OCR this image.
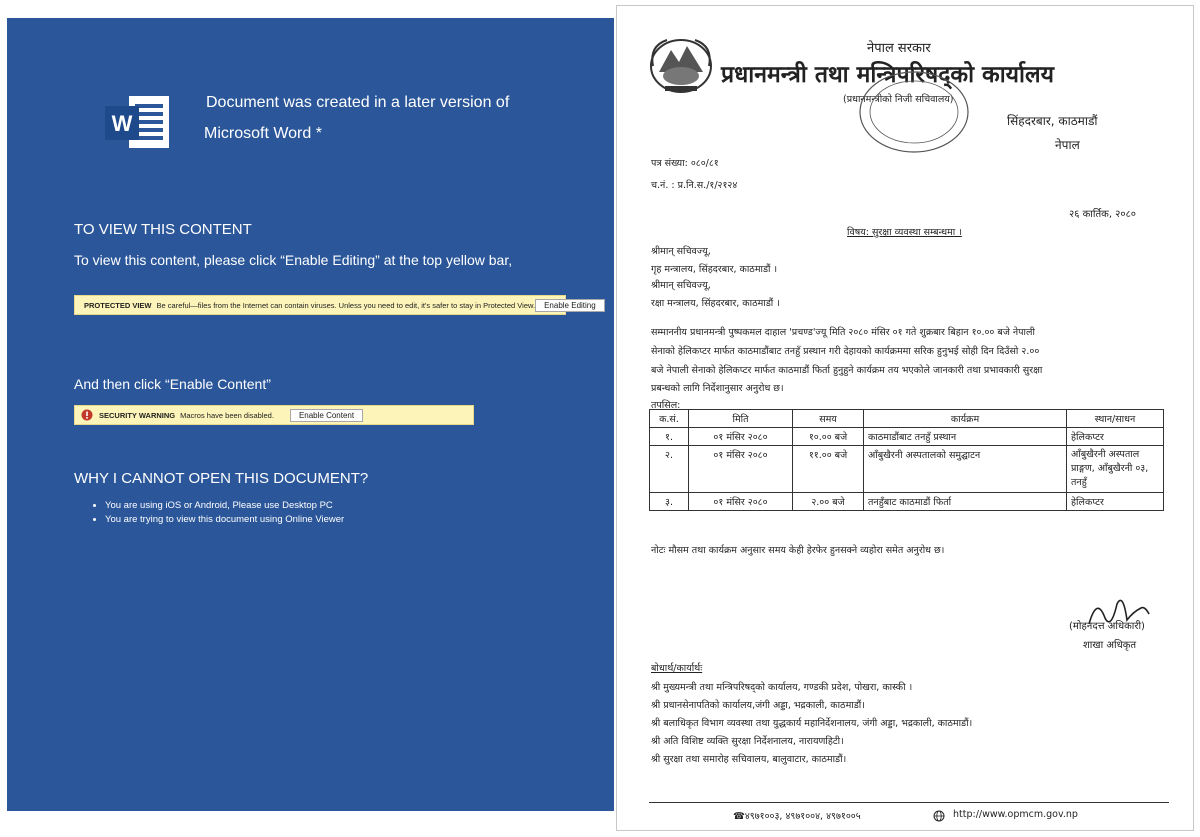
W
Document was created in a later version of
Microsoft Word *
TO VIEW THIS CONTENT
To view this content, please click “Enable Editing” at the top yellow bar,
PROTECTED VIEW Be careful—files from the Internet can contain viruses. Unless you need to edit, it's safer to stay in Protected View.	Enable Editing
And then click “Enable Content”
SECURITY WARNING Macros have been disabled.	Enable Content
WHY I CANNOT OPEN THIS DOCUMENT?
• You are using iOS or Android, Please use Desktop PC
• You are trying to view this document using Online Viewer
नेपाल सरकार
प्रधानमन्त्री तथा मन्त्रिपरिषद्को कार्यालय
(प्रधानमन्त्रीको निजी सचिवालय)
सिंहदरबार, काठमाडौं
नेपाल
पत्र संख्या: ०८०/८१
च.नं. : प्र.नि.स./१/२१२४
२६ कार्तिक, २०८०
विषय: सुरक्षा व्यवस्था सम्बन्धमा ।
श्रीमान् सचिवज्यू,
गृह मन्त्रालय, सिंहदरबार, काठमाडौं ।
श्रीमान् सचिवज्यू,
रक्षा मन्त्रालय, सिंहदरबार, काठमाडौं ।
सम्माननीय प्रधानमन्त्री पुष्पकमल दाहाल 'प्रचण्ड'ज्यू मिति २०८० मंसिर ०१ गते शुक्रबार बिहान १०.०० बजे नेपाली
सेनाको हेलिकप्टर मार्फत काठमाडौंबाट तनहुँ प्रस्थान गरी देहायको कार्यक्रममा सरिक हुनुभई सोही दिन दिउँसो २.००
बजे नेपाली सेनाको हेलिकप्टर मार्फत काठमाडौं फिर्ता हुनुहुने कार्यक्रम तय भएकोले जानकारी तथा प्रभावकारी सुरक्षा
प्रबन्धको लागि निर्देशानुसार अनुरोध छ।
तपसिल:
क.सं.	मिति	समय	कार्यक्रम	स्थान/साधन
१.	०१ मंसिर २०८०	१०.०० बजे	काठमाडौंबाट तनहुँ प्रस्थान	हेलिकप्टर
२.	०१ मंसिर २०८०	११.०० बजे	आँबुखैरनी अस्पतालको समुद्घाटन	आँबुखैरनी अस्पताल प्राङ्गण, आँबुखैरनी ०३, तनहुँ
३.	०१ मंसिर २०८०	२.०० बजे	तनहुँबाट काठमाडौं फिर्ता	हेलिकप्टर
नोटः मौसम तथा कार्यक्रम अनुसार समय केही हेरफेर हुनसक्ने व्यहोरा समेत अनुरोध छ।
(मोहनदत्त अधिकारी)
शाखा अधिकृत
बोधार्थ/कार्यार्थः
श्री मुख्यमन्त्री तथा मन्त्रिपरिषद्को कार्यालय, गण्डकी प्रदेश, पोखरा, कास्की ।
श्री प्रधानसेनापतिको कार्यालय,जंगी अड्डा, भद्रकाली, काठमाडौं।
श्री बलाधिकृत विभाग व्यवस्था तथा युद्धकार्य महानिर्देशनालय, जंगी अड्डा, भद्रकाली, काठमाडौं।
श्री अति विशिष्ट व्यक्ति सुरक्षा निर्देशनालय, नारायणहिटी।
श्री सुरक्षा तथा समारोह सचिवालय, बालुवाटार, काठमाडौं।
☎४९७१००३, ४९७१००४, ४९७१००५	http://www.opmcm.gov.np
